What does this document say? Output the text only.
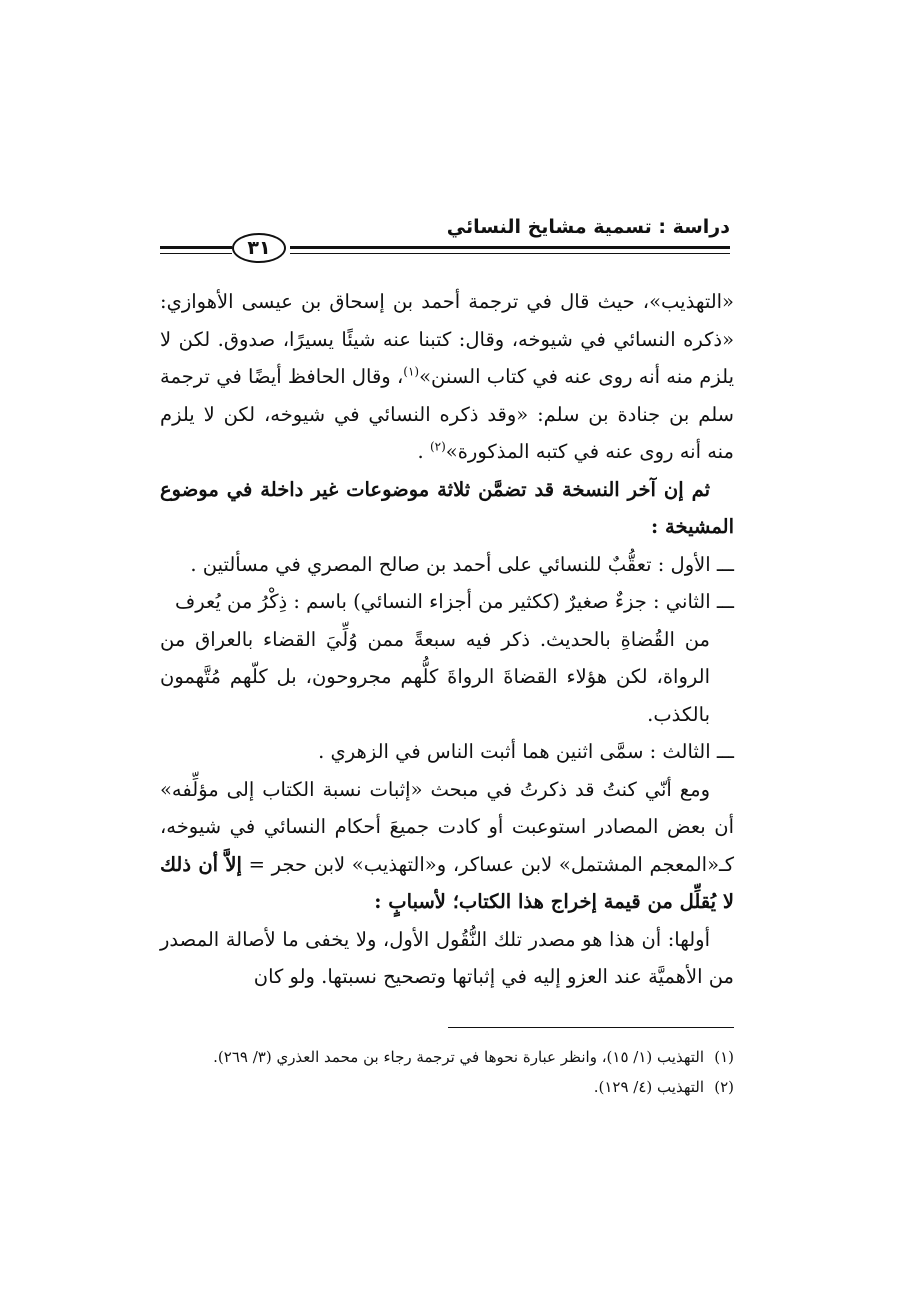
دراسة : تسمية مشايخ النسائي
٣١

«التهذيب»، حيث قال في ترجمة أحمد بن إسحاق بن عيسى الأهوازي: «ذكره النسائي في شيوخه، وقال: كتبنا عنه شيئًا يسيرًا، صدوق. لكن لا يلزم منه أنه روى عنه في كتاب السنن»$^{(١)}$، وقال الحافظ أيضًا في ترجمة سلم بن جنادة بن سلم: «وقد ذكره النسائي في شيوخه، لكن لا يلزم منه أنه روى عنه في كتبه المذكورة»$^{(٢)}$ .

ثم إن آخر النسخة قد تضمَّن ثلاثة موضوعات غير داخلة في موضوع المشيخة :

ـــ الأول : تعقُّبٌ للنسائي على أحمد بن صالح المصري في مسألتين .

ـــ الثاني : جزءٌ صغيرٌ (ككثير من أجزاء النسائي) باسم : ذِكْرُ من يُعرف
من القُضاةِ بالحديث. ذكر فيه سبعةً ممن وُلِّيَ القضاء بالعراق من الرواة، لكن هؤلاء القضاةَ الرواةَ كلُّهم مجروحون، بل كلّهم مُتَّهمون بالكذب.

ـــ الثالث : سمَّى اثنين هما أثبت الناس في الزهري .

ومع أنّي كنتُ قد ذكرتُ في مبحث «إثبات نسبة الكتاب إلى مؤلِّفه» أن بعض المصادر استوعبت أو كادت جميعَ أحكام النسائي في شيوخه، كـ«المعجم المشتمل» لابن عساكر، و«التهذيب» لابن حجر = إلاَّ أن ذلك لا يُقلِّل من قيمة إخراج هذا الكتاب؛ لأسبابٍ :

أولها: أن هذا هو مصدر تلك النُّقُول الأول، ولا يخفى ما لأصالة المصدر من الأهميَّة عند العزو إليه في إثباتها وتصحيح نسبتها. ولو كان

(١)التهذيب (١/ ١٥)، وانظر عبارة نحوها في ترجمة رجاء بن محمد العذري (٣/ ٢٦٩).

(٢)التهذيب (٤/ ١٢٩).
